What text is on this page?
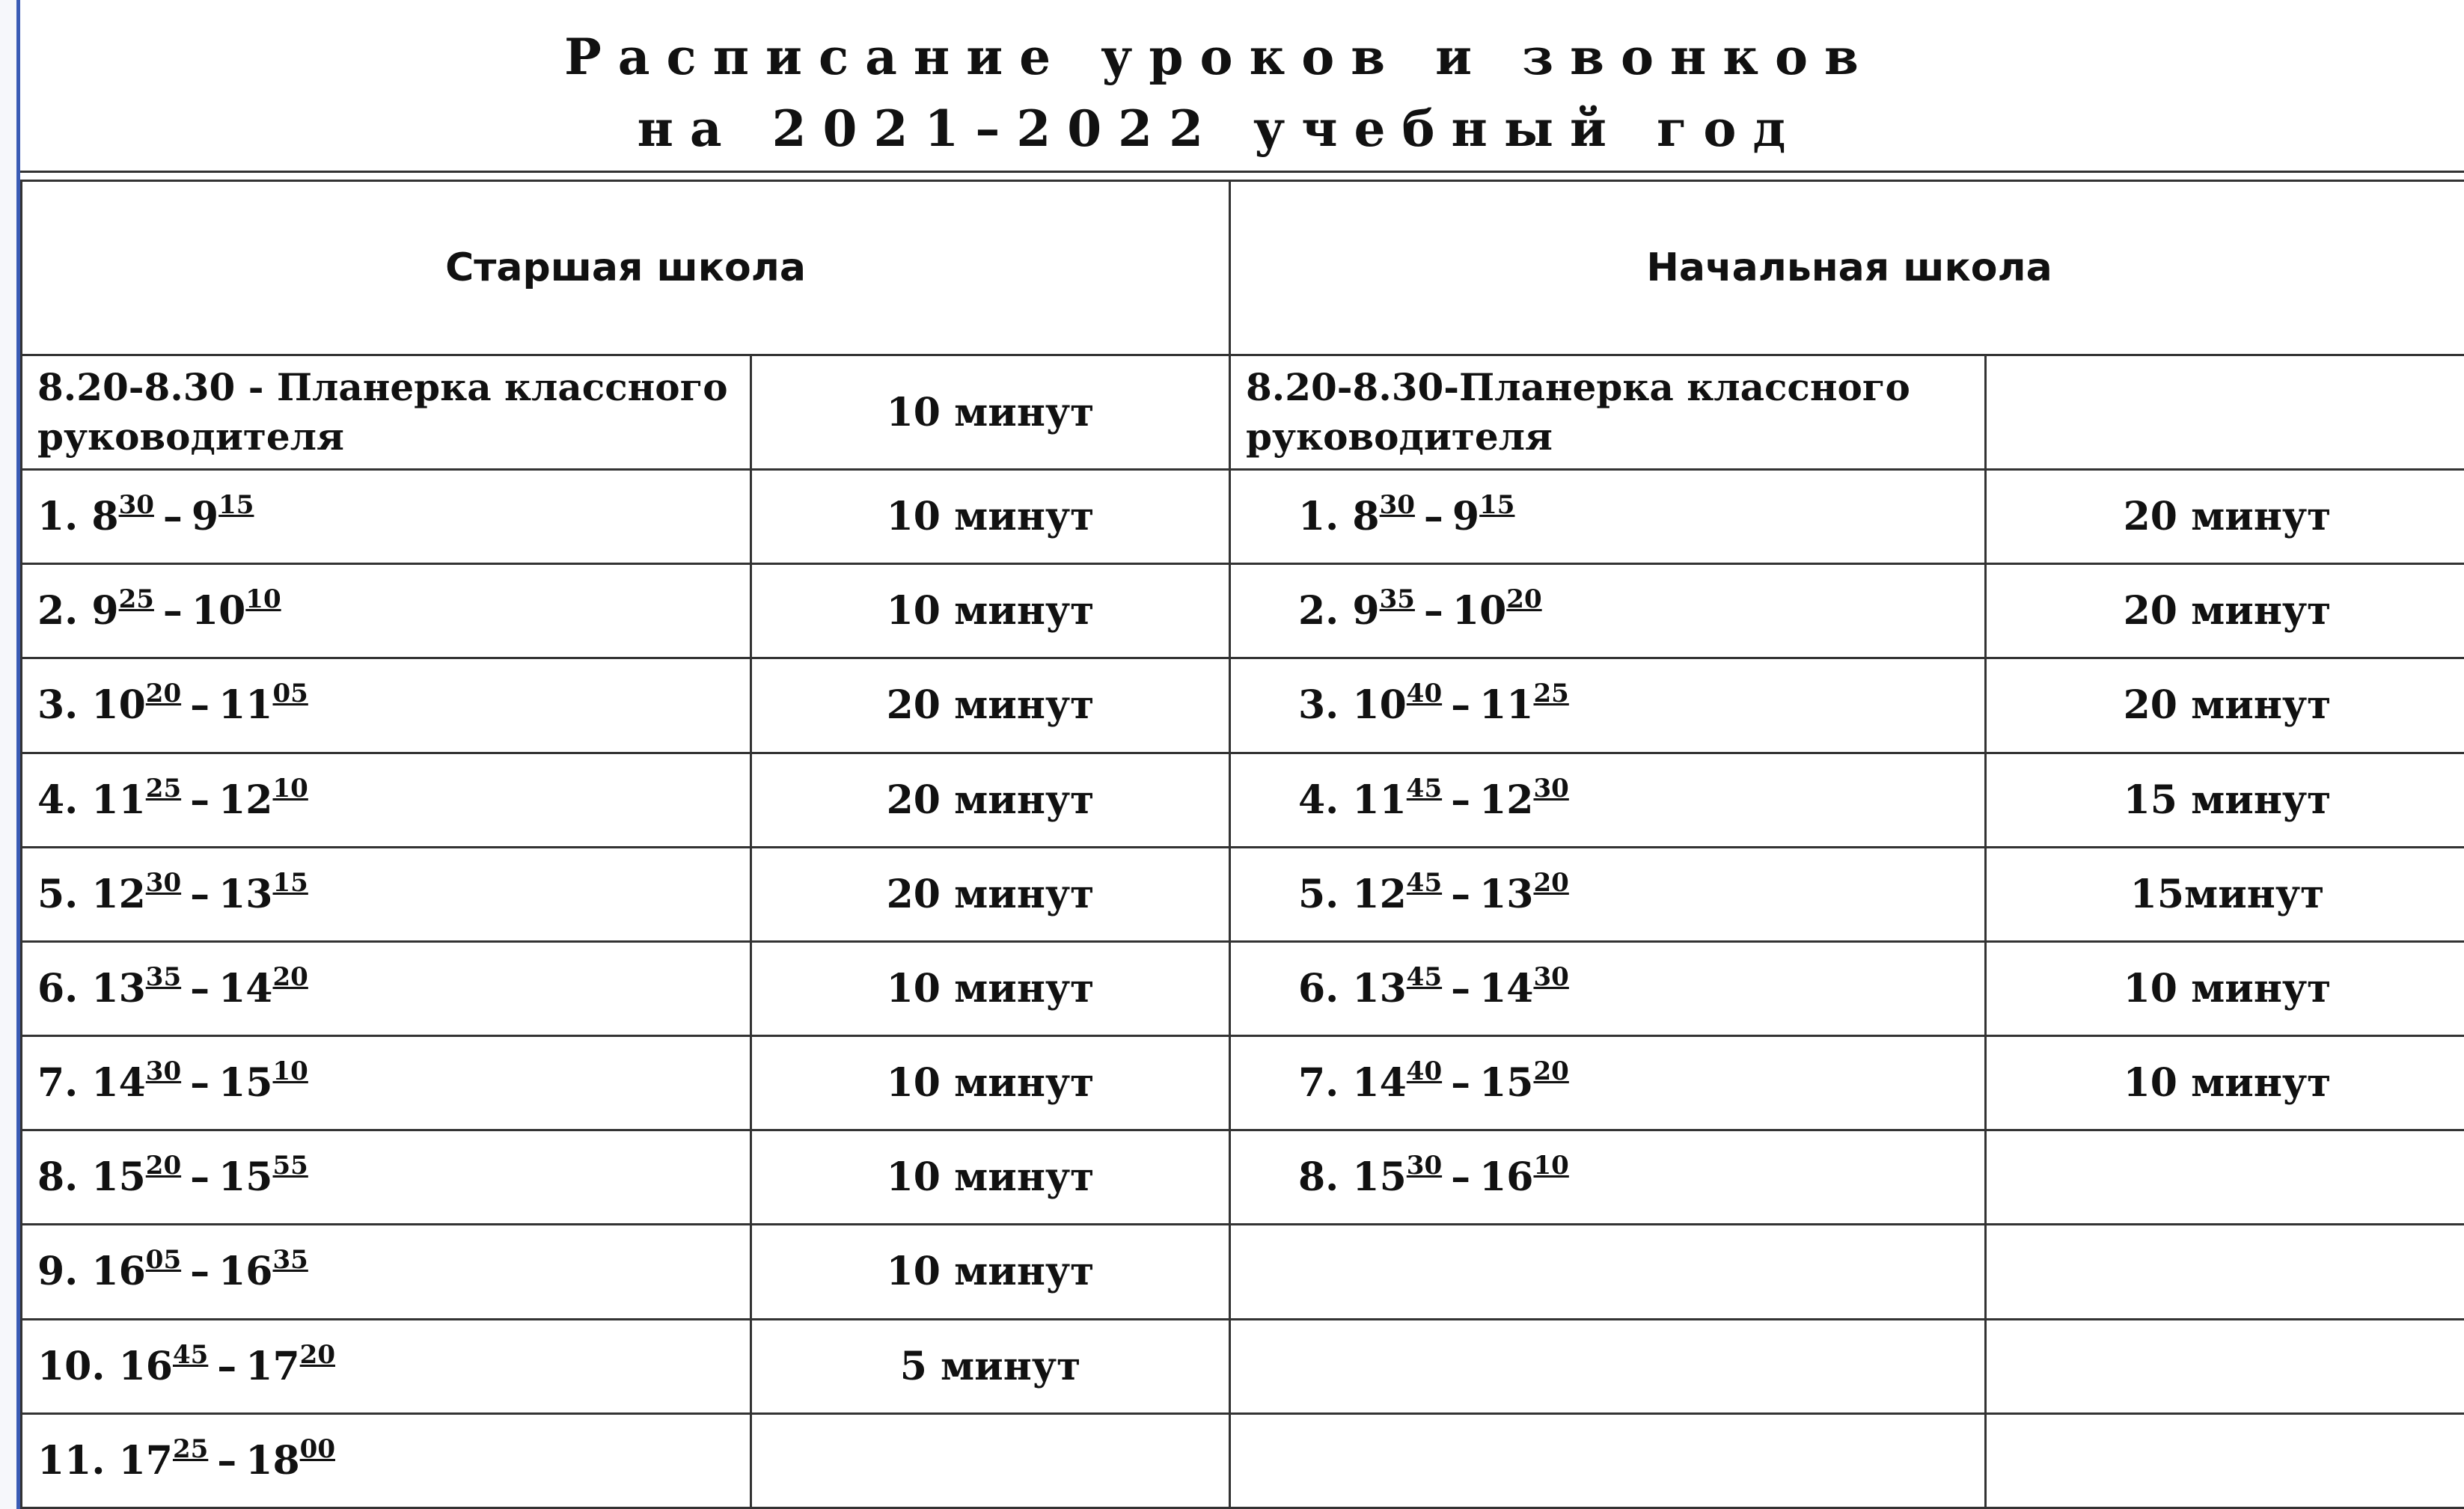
Расписание уроков и звонков
на 2021–2022 учебный год
Старшая школа		Начальная школа	

8.20-8.30 - Планерка классного руководителя	10 минут	8.20-8.30-Планерка классного руководителя	

1. $8^{30} - 9^{15}$	10 минут	1. $8^{30} - 9^{15}$	20 минут
2. $9^{25} - 10^{10}$	10 минут	2. $9^{35} - 10^{20}$	20 минут
3. $10^{20} - 11^{05}$	20 минут	3. $10^{40} - 11^{25}$	20 минут
4. $11^{25} - 12^{10}$	20 минут	4. $11^{45} - 12^{30}$	15 минут
5. $12^{30} - 13^{15}$	20 минут	5. $12^{45} - 13^{20}$	15минут
6. $13^{35} - 14^{20}$	10 минут	6. $13^{45} - 14^{30}$	10 минут
7. $14^{30} - 15^{10}$	10 минут	7. $14^{40} - 15^{20}$	10 минут
8. $15^{20} - 15^{55}$	10 минут	8. $15^{30} - 16^{10}$	
9. $16^{05} - 16^{35}$	10 минут		
10. $16^{45} - 17^{20}$	5 минут		
11. $17^{25} - 18^{00}$			
